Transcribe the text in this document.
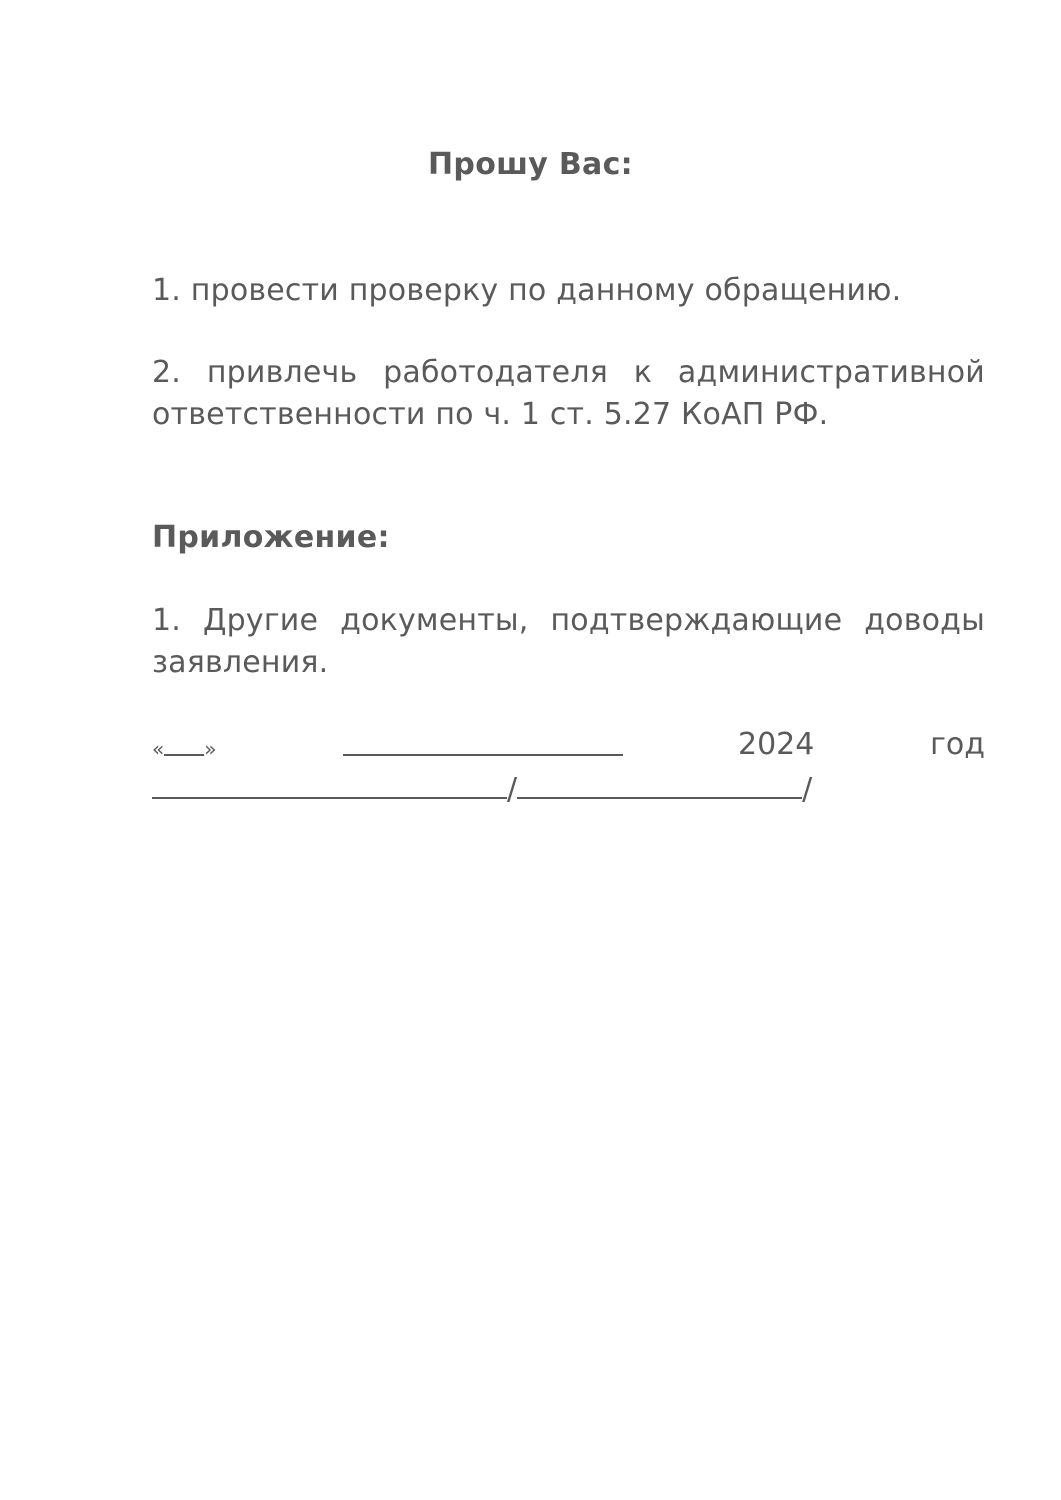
Прошу Вас:
1. провести проверку по данному обращению.
2. привлечь работодателя к административной ответственности по ч. 1 ст. 5.27 КоАП РФ.
Приложение:
1. Другие документы, подтверждающие доводы заявления.
« »	2024	год
/	/
